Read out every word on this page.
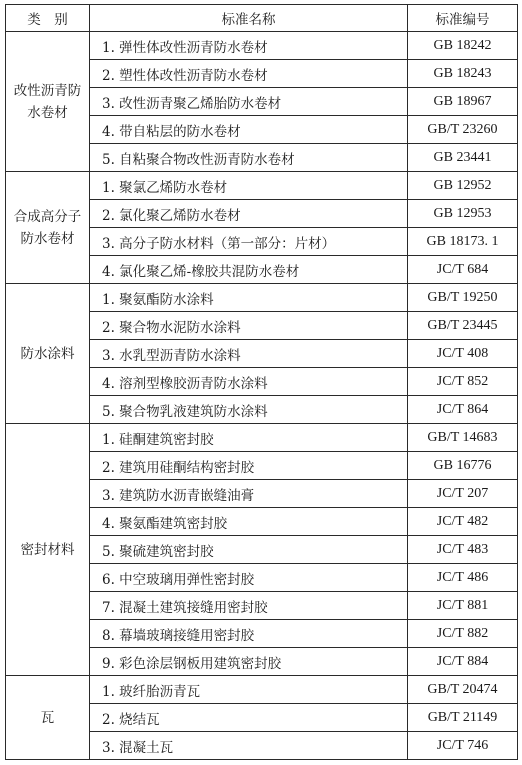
类　别	标准名称	标准编号
改性沥青防水卷材	1. 弹性体改性沥青防水卷材	GB 18242
	2. 塑性体改性沥青防水卷材	GB 18243
	3. 改性沥青聚乙烯胎防水卷材	GB 18967
	4. 带自粘层的防水卷材	GB/T 23260
	5. 自粘聚合物改性沥青防水卷材	GB 23441
合成高分子防水卷材	1. 聚氯乙烯防水卷材	GB 12952
	2. 氯化聚乙烯防水卷材	GB 12953
	3. 高分子防水材料（第一部分：片材）	GB 18173. 1
	4. 氯化聚乙烯-橡胶共混防水卷材	JC/T 684
防水涂料	1. 聚氨酯防水涂料	GB/T 19250
	2. 聚合物水泥防水涂料	GB/T 23445
	3. 水乳型沥青防水涂料	JC/T 408
	4. 溶剂型橡胶沥青防水涂料	JC/T 852
	5. 聚合物乳液建筑防水涂料	JC/T 864
密封材料	1. 硅酮建筑密封胶	GB/T 14683
	2. 建筑用硅酮结构密封胶	GB 16776
	3. 建筑防水沥青嵌缝油膏	JC/T 207
	4. 聚氨酯建筑密封胶	JC/T 482
	5. 聚硫建筑密封胶	JC/T 483
	6. 中空玻璃用弹性密封胶	JC/T 486
	7. 混凝土建筑接缝用密封胶	JC/T 881
	8. 幕墙玻璃接缝用密封胶	JC/T 882
	9. 彩色涂层钢板用建筑密封胶	JC/T 884
瓦	1. 玻纤胎沥青瓦	GB/T 20474
	2. 烧结瓦	GB/T 21149
	3. 混凝土瓦	JC/T 746
